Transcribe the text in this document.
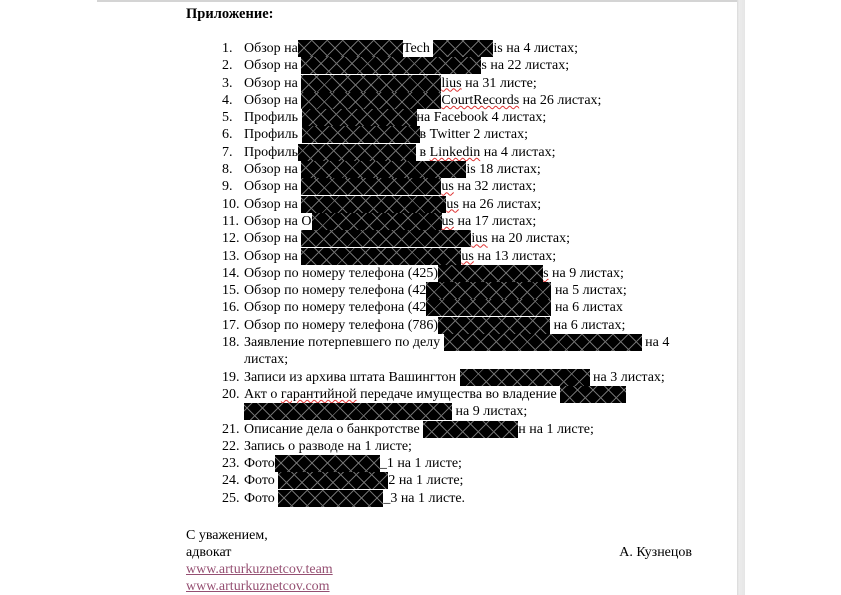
Приложение:
1. Обзор на	Tech	is на 4 листах;
2. Обзор на	s на 22 листах;
3. Обзор на	lius на 31 листе;
4. Обзор на	CourtRecords на 26 листах;
5. Профиль	на Facebook 4 листах;
6. Профиль	в Twitter 2 листах;
7. Профиль	в Linkedin на 4 листах;
8. Обзор на	is 18 листах;
9. Обзор на	us на 32 листах;
10. Обзор на	us на 26 листах;
11. Обзор на О	us на 17 листах;
12. Обзор на	ius на 20 листах;
13. Обзор на	us на 13 листах;
14. Обзор по номеру телефона (425)	s на 9 листах;
15. Обзор по номеру телефона (42	на 5 листах;
16. Обзор по номеру телефона (42	на 6 листах
17. Обзор по номеру телефона (786)	на 6 листах;
18. Заявление потерпевшего по делу	на 4 листах;
19. Записи из архива штата Вашингтон	на 3 листах;
20. Акт о гарантийной передаче имущества во владение  на 9 листах;
21. Описание дела о банкротстве	н на 1 листе;
22. Запись о разводе на 1 листе;
23. Фото	_1 на 1 листе;
24. Фото	2 на 1 листе;
25. Фото	_3 на 1 листе.
С уважением,
адвокат	А. Кузнецов
www.arturkuznetcov.team
www.arturkuznetcov.com
